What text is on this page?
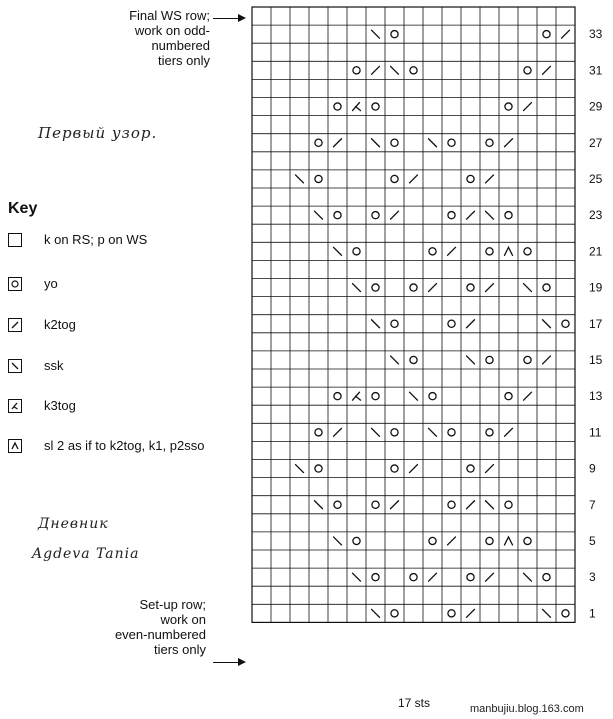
33
31
29
27
25
23
21
19
17
15
13
11
9
7
5
3
1
Final WS row;
work on odd-
numbered
tiers only
Set-up row;
work on
even-numbered
tiers only
Первый узор.
Дневник
Agdeva Tania
Key
k on RS; p on WS
yo
k2tog
ssk
k3tog
sl 2 as if to k2tog, k1, p2sso
17 sts	manbujiu.blog.163.com
